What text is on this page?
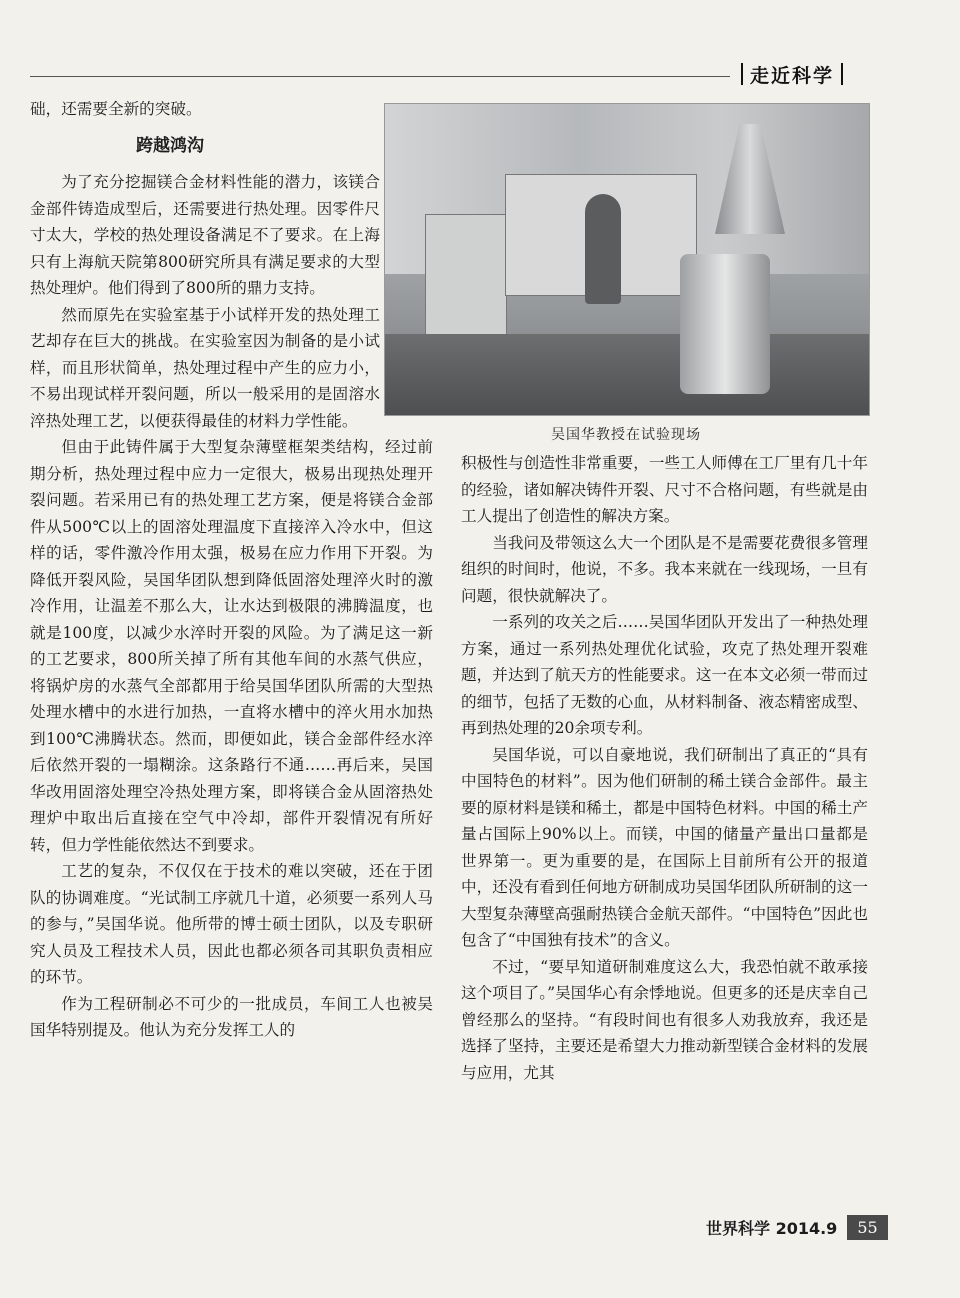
走近科学
吴国华教授在试验现场

础，还需要全新的突破。

跨越鸿沟

为了充分挖掘镁合金材料性能的潜力，该镁合金部件铸造成型后，还需要进行热处理。因零件尺寸太大，学校的热处理设备满足不了要求。在上海只有上海航天院第800研究所具有满足要求的大型热处理炉。他们得到了800所的鼎力支持。

然而原先在实验室基于小试样开发的热处理工艺却存在巨大的挑战。在实验室因为制备的是小试样，而且形状简单，热处理过程中产生的应力小，不易出现试样开裂问题，所以一般采用的是固溶水淬热处理工艺，以便获得最佳的材料力学性能。

但由于此铸件属于大型复杂薄壁框架类结构，经过前期分析，热处理过程中应力一定很大，极易出现热处理开裂问题。若采用已有的热处理工艺方案，便是将镁合金部件从500℃以上的固溶处理温度下直接淬入冷水中，但这样的话，零件激冷作用太强，极易在应力作用下开裂。为降低开裂风险，吴国华团队想到降低固溶处理淬火时的激冷作用，让温差不那么大，让水达到极限的沸腾温度，也就是100度，以减少水淬时开裂的风险。为了满足这一新的工艺要求，800所关掉了所有其他车间的水蒸气供应，将锅炉房的水蒸气全部都用于给吴国华团队所需的大型热处理水槽中的水进行加热，一直将水槽中的淬火用水加热到100℃沸腾状态。然而，即便如此，镁合金部件经水淬后依然开裂的一塌糊涂。这条路行不通……再后来，吴国华改用固溶处理空冷热处理方案，即将镁合金从固溶热处理炉中取出后直接在空气中冷却，部件开裂情况有所好转，但力学性能依然达不到要求。

工艺的复杂，不仅仅在于技术的难以突破，还在于团队的协调难度。“光试制工序就几十道，必须要一系列人马的参与，”吴国华说。他所带的博士硕士团队，以及专职研究人员及工程技术人员，因此也都必须各司其职负责相应的环节。

作为工程研制必不可少的一批成员，车间工人也被吴国华特别提及。他认为充分发挥工人的

积极性与创造性非常重要，一些工人师傅在工厂里有几十年的经验，诸如解决铸件开裂、尺寸不合格问题，有些就是由工人提出了创造性的解决方案。

当我问及带领这么大一个团队是不是需要花费很多管理组织的时间时，他说，不多。我本来就在一线现场，一旦有问题，很快就解决了。

一系列的攻关之后……吴国华团队开发出了一种热处理方案，通过一系列热处理优化试验，攻克了热处理开裂难题，并达到了航天方的性能要求。这一在本文必须一带而过的细节，包括了无数的心血，从材料制备、液态精密成型、再到热处理的20余项专利。

吴国华说，可以自豪地说，我们研制出了真正的“具有中国特色的材料”。因为他们研制的稀土镁合金部件。最主要的原材料是镁和稀土，都是中国特色材料。中国的稀土产量占国际上90%以上。而镁，中国的储量产量出口量都是世界第一。更为重要的是，在国际上目前所有公开的报道中，还没有看到任何地方研制成功吴国华团队所研制的这一大型复杂薄壁高强耐热镁合金航天部件。“中国特色”因此也包含了“中国独有技术”的含义。

不过，“要早知道研制难度这么大，我恐怕就不敢承接这个项目了。”吴国华心有余悸地说。但更多的还是庆幸自己曾经那么的坚持。“有段时间也有很多人劝我放弃，我还是选择了坚持，主要还是希望大力推动新型镁合金材料的发展与应用，尤其

世界科学 2014.9	55
